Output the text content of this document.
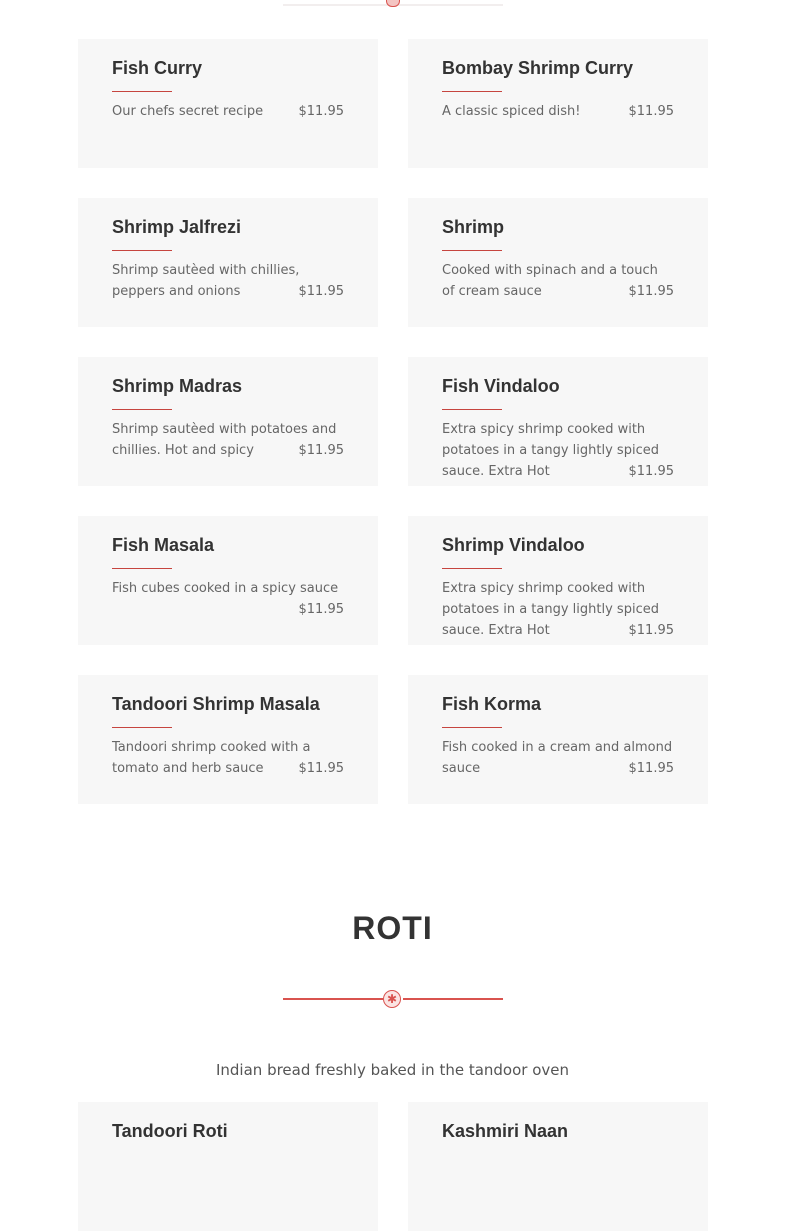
Fish Curry
$11.95
Our chefs secret recipe
Bombay Shrimp Curry
$11.95
A classic spiced dish!
Shrimp Jalfrezi
Shrimp sautèed with chillies, peppers and onions	$11.95
Shrimp
Cooked with spinach and a touch of cream sauce	$11.95
Shrimp Madras
Shrimp sautèed with potatoes and chillies. Hot and spicy	$11.95
Fish Vindaloo
Extra spicy shrimp cooked with potatoes in a tangy lightly spiced sauce. Extra Hot	$11.95
Fish Masala
Fish cubes cooked in a spicy sauce
$11.95
Shrimp Vindaloo
Extra spicy shrimp cooked with potatoes in a tangy lightly spiced sauce. Extra Hot	$11.95
Tandoori Shrimp Masala
Tandoori shrimp cooked with a tomato and herb sauce	$11.95
Fish Korma
Fish cooked in a cream and almond sauce	$11.95
ROTI
✱
Indian bread freshly baked in the tandoor oven
Tandoori Roti	Kashmiri Naan
